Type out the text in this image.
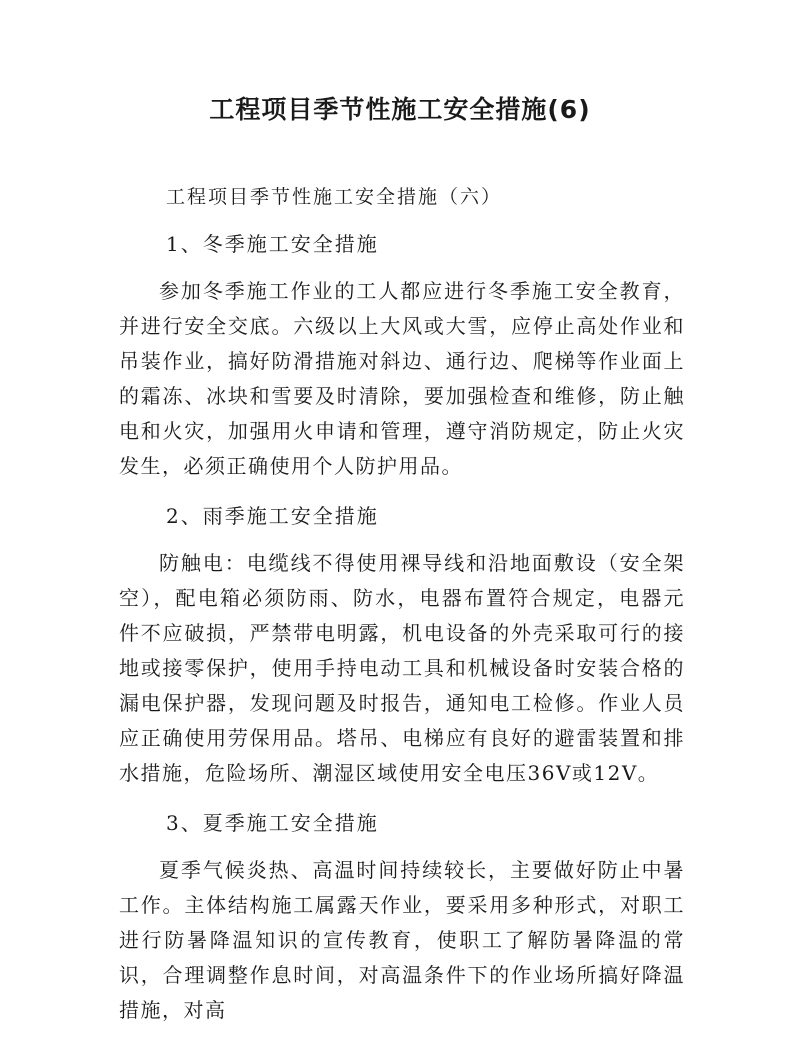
工程项目季节性施工安全措施(6)
工程项目季节性施工安全措施（六）
1、冬季施工安全措施

参加冬季施工作业的工人都应进行冬季施工安全教育，并进行安全交底。六级以上大风或大雪，应停止高处作业和吊装作业，搞好防滑措施对斜边、通行边、爬梯等作业面上的霜冻、冰块和雪要及时清除，要加强检查和维修，防止触电和火灾，加强用火申请和管理，遵守消防规定，防止火灾发生，必须正确使用个人防护用品。

2、雨季施工安全措施

防触电：电缆线不得使用裸导线和沿地面敷设（安全架空），配电箱必须防雨、防水，电器布置符合规定，电器元件不应破损，严禁带电明露，机电设备的外壳采取可行的接地或接零保护，使用手持电动工具和机械设备时安装合格的漏电保护器，发现问题及时报告，通知电工检修。作业人员应正确使用劳保用品。塔吊、电梯应有良好的避雷装置和排水措施，危险场所、潮湿区域使用安全电压36V或12V。

3、夏季施工安全措施

夏季气候炎热、高温时间持续较长，主要做好防止中暑工作。主体结构施工属露天作业，要采用多种形式，对职工进行防暑降温知识的宣传教育，使职工了解防暑降温的常识，合理调整作息时间，对高温条件下的作业场所搞好降温措施，对高
